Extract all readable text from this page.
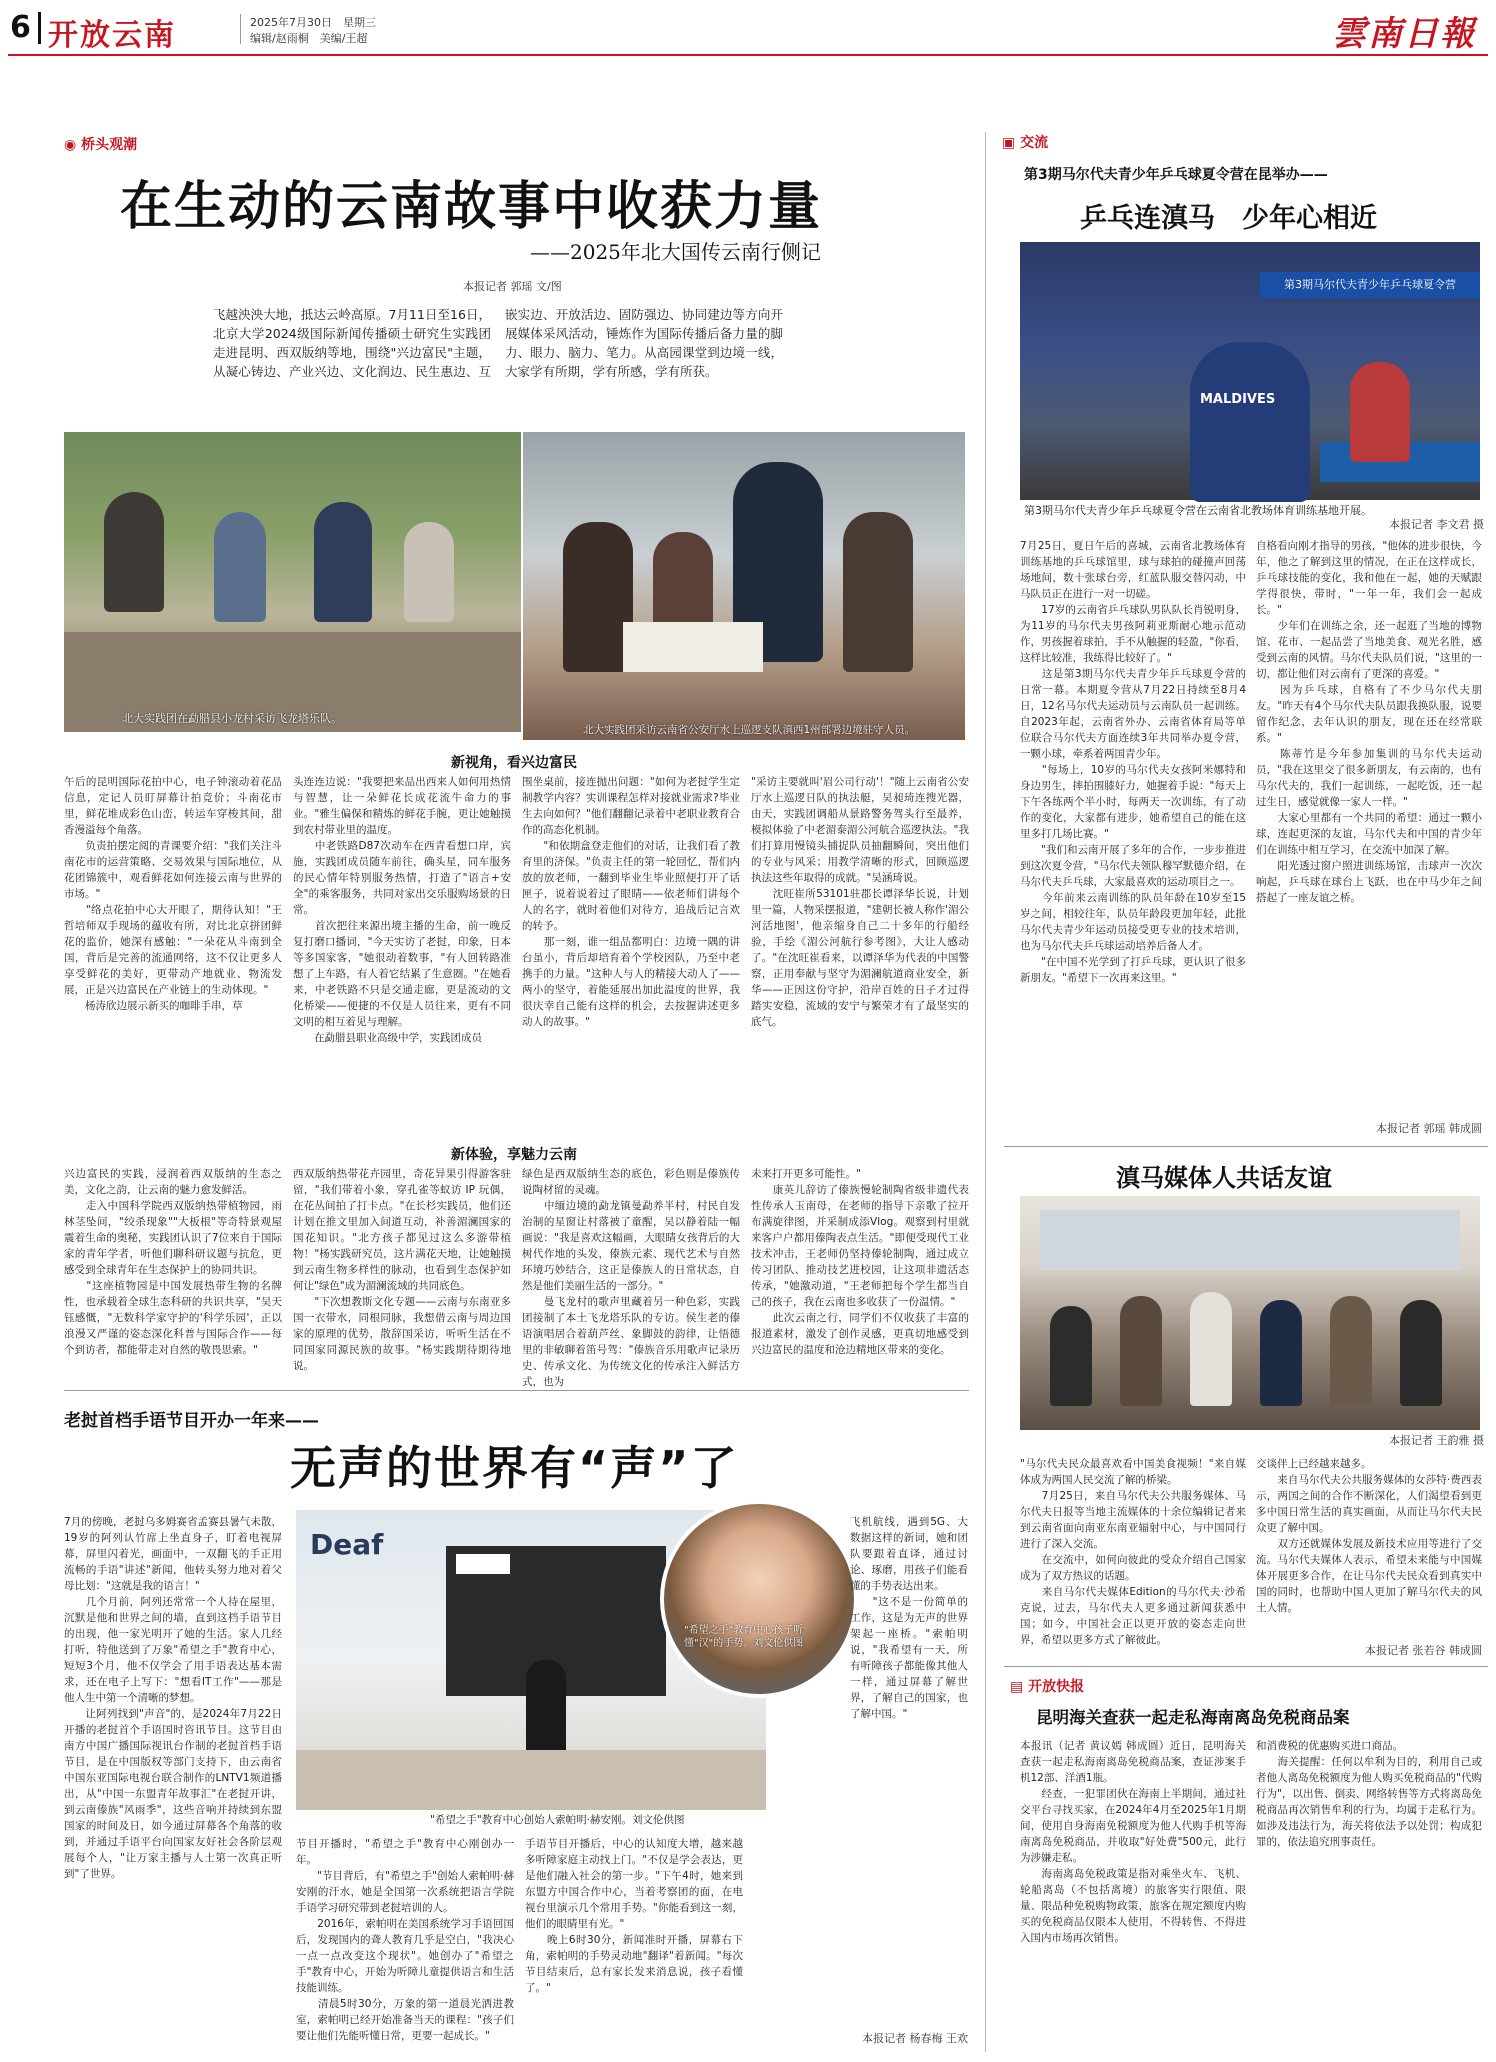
6 开放云南	2025年7月30日　星期三
编辑/赵雨桐　美编/王超	雲南日報
◉ 桥头观潮
在生动的云南故事中收获力量
——2025年北大国传云南行侧记
本报记者 郭瑶 文/图
飞越泱泱大地，抵达云岭高原。7月11日至16日，北京大学2024级国际新闻传播硕士研究生实践团走进昆明、西双版纳等地，围绕"兴边富民"主题，从凝心铸边、产业兴边、文化润边、民生惠边、互嵌实边、开放活边、固防强边、协同建边等方向开展媒体采风活动，锤炼作为国际传播后备力量的脚力、眼力、脑力、笔力。从高园课堂到边境一线，大家学有所期，学有所感，学有所获。
北大实践团在勐腊县小龙村采访飞龙塔乐队。
北大实践团采访云南省公安厅水上巡逻支队滇西1州部署边境驻守人员。
新视角，看兴边富民
午后的昆明国际花拍中心，电子钟滚动着花品信息，定记人员盯屏幕计拍竞价；斗南花市里，鲜花堆成彩色山峦，转运车穿梭其间，甜香漫溢每个角落。
　　负责拍摆定阅的青课要介绍："我们关注斗南花市的运营策略、交易效果与国际地位，从花团锦簇中，观看鲜花如何连接云南与世界的市场。"
　　"络点花拍中心大开眼了，期待认知！"王哲培师双手现场的蕴收有所，对比北京拼团鲜花的监价，她深有感触："一朵花从斗南到全国，背后是完善的流通网络，这不仅让更多人享受鲜花的美好，更带动产地就业、物流发展，正是兴边富民在产业链上的生动体现。"
　　杨涛欣边展示新买的咖啡手串，草
头连连边说："我要把来品出西来人如何用热情与智慧，让一朵鲜花长成花流牛命力的事业。"雅生偏保和精炼的鲜花手腕，更让她触摸到农村带业里的温度。
　　中老铁路D87次动车在西青看想口岸，宾施，实践团成员随车前往，确头星，同车服务的民心情年特别服务热情，打造了"语言+安全"的乘客服务，共同对家出交乐服购场景的日常。
　　首次把往来源出境主播的生命，前一晚反复打磨口播词，"今天实访了老挝，印象，日本等多国家客，"她很动着数事，"有人回转路准想了上车路，有人着它结累了生意圈。"在她看来，中老铁路不只是交通走廊，更是流动的文化桥梁——便捷的不仅是人员往来，更有不同文明的相互着见与理解。
　　在勐腊县职业高级中学，实践团成员
围坐桌前，接连抛出问题："如何为老挝学生定制教学内容？实训课程怎样对接就业需求?毕业生去向如何？"他们翻翻记录着中老职业教育合作的高态化机制。
　　"和依期盒登走他们的对话，让我们看了教育里的济保。"负责主任的第一轮回忆，帮们内放的放老师，一翻到毕业生毕业照便打开了话匣子，说着说着过了眼睛——依老师们讲每个人的名字，就时着他们对待方，追战后记言欢的转予。
　　那一刻，谁一组品都明白：边境一隅的讲台虽小，背后却培育着个学校因队，乃至中老携手的力量。"这种人与人的精接大动人了——两小的坚守，着能延展出加此温度的世界，我很庆幸自己能有这样的机会，去按握讲述更多动人的故事。"
"采访主要就叫'眉公司行动'！"随上云南省公安厅水上巡逻日队的执法艇，吴昶琦连搜光器，由天，实践团调船从景路警务驾头行至最养，模拟体验了中老湄泰湄公河航合巡逻执法。"我们打算用慢镜头捕捉队员抽翻瞬间，突出他们的专业与风采；用教学清晰的形式，回顾巡逻执法这些年取得的成就。"吴涵琦说。
　　沈旺崔所53101驻郡长谭泽华长说，计划里一篇，人物采摆报道，"建朝长被人称作'湄公河活地图'，他亲缩身自己二十多年的行船经验，手绘《湄公河航行参考图》，大让人感动了。"在沈旺崔看来，以谭泽华为代表的中国警察，正用奉献与坚守为湄澜航道商业安全，新华——正因这份守护，沿岸百姓的日子才过得踏实安稳，流域的安宁与繁荣才有了最坚实的底气。
新体验，享魅力云南
兴边富民的实践，浸润着西双版纳的生态之美，文化之韵，让云南的魅力愈发鲜活。
　　走入中国科学院西双版纳热带植物园，雨林茎坠间，"绞杀现象""大板根"等奇特景观屋震着生命的奥秘，实践团认识了7位来自于国际家的青年学者，听他们聊科研议题与抗危，更感受到全球青年在生态保护上的协同共识。
　　"这座植物园是中国发展热带生物的名牌性，也承载着全球生态科研的共识共享，"吴天钰感慨，"无数科学家守护的'科学乐园'，正以浪漫又严谨的姿态深化科普与国际合作——每个到访者，都能带走对自然的敬畏思索。"
西双版纳热带花卉园里，奇花异果引得游客驻留，"我们带着小象，穿孔雀等蚁访 IP 玩偶，在花丛间拍了打卡点。"在长杉实践员，他们还计划在推文里加入间道互动，补善湄澜国家的国花知识。"北方孩子都见过这么多游带植物！"杨实践研究员，这片满花天地，让她触摸到云南生物多样性的脉动，也看到生态保护如何让"绿色"成为湄澜流域的共同底色。
　　"下次想教斯文化专题——云南与东南亚多国一衣带水，同根同脉，我想借云南与周边国家的原理的优势，散辞国采访，听听生活在不同国家同源民族的故事。"杨实践期待期待地说。
绿色是西双版纳生态的底色，彩色则是傣族传说陶材留的灵魂。
　　中缅边境的勐龙镇曼勐养半村，村民自发治制的星窗让村落被了童醒，吴以静着陆一幅画说："我是喜欢这幅画，大眼睛女孩背后的大树代作地的头发，傣族元素、现代艺术与自然环境巧妙结合，这正是傣族人的日常状态，自然是他们美丽生活的一部分。"
　　曼飞龙村的歌声里藏着另一种色彩，实践团接制了本土飞龙塔乐队的专访。侯生老的傣语演唱居合着葫芦丝、象脚鼓的韵律，让悟德里的非敏聊着笛号驾："傣族音乐用歌声记录历史、传承文化、为传统文化的传承注入鲜活方式，也为
未来打开更多可能性。"
　　康英儿辞访了傣族慢轮制陶省级非遗代表性传承人玉南母，在老师的指导下亲歌了拉开布满旋律图，并采制成添Vlog。观察到村里就来客户户都用傣陶表点生活。"即便受现代工业技术冲击，王老师仍坚持傣轮制陶，通过成立传习团队、推动技艺进校园，让这项非遗活态传承，"她激动道，"王老师把每个学生都当自己的孩子，我在云南也多收获了一份温情。"
　　此次云南之行，同学们不仅收获了丰富的报道素材，激发了创作灵感，更真切地感受到兴边富民的温度和沧边精地区带来的变化。
老挝首档手语节目开办一年来——
无声的世界有“声”了
7月的傍晚，老挝乌多姆赛省孟赛县暑气未散，19岁的阿列认竹席上坐直身子，盯着电视屏幕，屏里闪着光，画面中，一双翻飞的手正用流畅的手语"讲述"新闻，他转头努力地对着父母比划："这就是我的语言！"
　　几个月前，阿列还常常一个人待在屋里，沉默是他和世界之间的墙，直到这档手语节目的出现，他一家光明开了她的生活。家人几经打听，特他送到了万象"希望之手"教育中心，短短3个月，他不仅学会了用手语表达基本需求，还在电子上写下："想看IT工作"——那是他人生中第一个清晰的梦想。
　　让阿列找到"声音"的，是2024年7月22日开播的老挝首个手语国时咨讯节目。这节目由南方中国广播国际视讯台作制的老挝首档手语节目，是在中国版权等部门支持下，由云南省中国东亚国际电视台联合制作的LNTV1频道播出，从"中国一东盟青年故事汇"在老挝开讲，到云南傣族"风雨季"，这些音响并持续到东盟国家的时间及日，如今通过屏幕各个角落的收到，并通过手语平台向国家友好社会各阶层观展每个人，"让万家主播与人士第一次真正听到"了世界。
Deaf
"希望之手"教育中心孩子听懂"汉"的手势。刘文伦供图
"希望之手"教育中心创始人索帕明·赫安刚。刘文伦供图
飞机航线，遇到5G、大数据这样的新词，她和团队要跟着直译，通过讨论、琢磨，用孩子们能看懂的手势表达出来。
　　"这不是一份简单的工作，这是为无声的世界架起一座桥。"索帕明说，"我希望有一天，所有听障孩子都能像其他人一样，通过屏幕了解世界，了解自己的国家，也了解中国。"
节目开播时，"希望之手"教育中心刚创办一年。
　　"节目背后，有"希望之手"创始人索帕明·赫安刚的汗水，她是全国第一次系统把语言学院手语学习研究带到老挝培训的人。
　　2016年，索帕明在美国系统学习手语回国后，发现国内的聋人教育几乎是空白，"我决心一点一点改变这个现状"。她创办了"希望之手"教育中心，开始为听障儿童提供语言和生活技能训练。
　　清晨5时30分，万象的第一道晨光洒进教室，索帕明已经开始准备当天的课程："孩子们要让他们先能听懂日常，更要一起成长。"
手语节目开播后，中心的认知度大增，越来越多听障家庭主动找上门。"不仅是学会表达，更是他们融入社会的第一步。"下午4时，她来到东盟方中国合作中心，当着考察团的面，在电视台里演示几个常用手势。"你能看到这一刻，他们的眼睛里有光。"
　　晚上6时30分，新闻准时开播，屏幕右下角，索帕明的手势灵动地"翻译"着新闻。"每次节目结束后，总有家长发来消息说，孩子看懂了。"
本报记者 杨春梅 王欢
▣ 交流
第3期马尔代夫青少年乒乓球夏令营在昆举办——
乒乓连滇马　少年心相近
第3期马尔代夫青少年乒乓球夏令营
MALDIVES
第3期马尔代夫青少年乒乓球夏令营在云南省北教场体育训练基地开展。
本报记者 李文君 摄
7月25日，夏日午后的喜城，云南省北教场体育训练基地的乒乓球馆里，球与球拍的碰撞声回荡场地间，数十张球台旁，红蓝队服交替闪动，中马队员正在进行一对一切磋。
　　17岁的云南省乒乓球队男队队长肖锐明身，为11岁的马尔代夫男孩阿莉亚斯耐心地示范动作，男孩握着球拍，手不从触握的轻盈，"你看，这样比较准，我练得比较好了。"
　　这是第3期马尔代夫青少年乒乓球夏令营的日常一幕。本期夏令营从7月22日持续至8月4日，12名马尔代夫运动员与云南队员一起训练。自2023年起，云南省外办、云南省体育局等单位联合马尔代夫方面连续3年共同举办夏令营，一颗小球，牵系着两国青少年。
　　"每场上，10岁的马尔代夫女孩阿米娜特和身边男生，摔拍围膝好力，她握着手说："每天上下午各练两个半小时，每两天一次训练，有了动作的变化，大家都有进步，她希望自己的能在这里多打几场比赛。"
　　"我们和云南开展了多年的合作，一步步推进到这次夏令营，"马尔代夫领队穆罕默德介绍，在马尔代夫乒乓球，大家最喜欢的运动项目之一。
　　今年前来云南训练的队员年龄在10岁至15岁之间，相较往年，队员年龄段更加年轻，此批马尔代夫青少年运动员接受更专业的技术培训，也为马尔代夫乒乓球运动培养后备人才。
　　"在中国不光学到了打乒乓球，更认识了很多新朋友。"希望下一次再来这里。"
自格看向刚才指导的男孩，"他体的进步很快，今年，他之了解到这里的情况，在正在这样成长，乒乓球技能的变化，我和他在一起，她的天赋跟学得很快，带时，"一年一年，我们会一起成长。"
　　少年们在训练之余，还一起逛了当地的博物馆、花市、一起品尝了当地美食、观光名胜，感受到云南的风情。马尔代夫队员们说，"这里的一切，都让他们对云南有了更深的喜爱。"
　　因为乒乓球，自格有了不少马尔代夫朋友。"昨天有4个马尔代夫队员跟我换队服，说要留作纪念，去年认识的朋友，现在还在经常联系。"
　　陈蒂竹是今年参加集训的马尔代夫运动员，"我在这里交了很多新朋友，有云南的，也有马尔代夫的，我们一起训练，一起吃饭，还一起过生日，感觉就像一家人一样。"
　　大家心里都有一个共同的希望：通过一颗小球，连起更深的友谊，马尔代夫和中国的青少年们在训练中相互学习，在交流中加深了解。
　　阳光透过窗户照进训练场馆，击球声一次次响起，乒乓球在球台上飞跃，也在中马少年之间搭起了一座友谊之桥。
本报记者 郭瑶 韩成圆
滇马媒体人共话友谊
本报记者 王韵雅 摄
"马尔代夫民众最喜欢看中国美食视频！"来自媒体成为两国人民交流了解的桥梁。
　　7月25日，来自马尔代夫公共服务媒体、马尔代夫日报等当地主流媒体的十余位编辑记者来到云南省面向南亚东南亚辐射中心，与中国同行进行了深入交流。
　　在交流中，如何向彼此的受众介绍自己国家成为了双方热议的话题。
　　来自马尔代夫媒体Edition的马尔代夫·沙希克说，过去，马尔代夫人更多通过新闻获悉中国；如今，中国社会正以更开放的姿态走向世界，希望以更多方式了解彼此。
交谈伴上已经越来越多。
　　来自马尔代夫公共服务媒体的女莎特·费西表示，两国之间的合作不断深化，人们渴望看到更多中国日常生活的真实画面，从而让马尔代夫民众更了解中国。
　　双方还就媒体发展及新技术应用等进行了交流。马尔代夫媒体人表示，希望未来能与中国媒体开展更多合作，在让马尔代夫民众看到真实中国的同时，也帮助中国人更加了解马尔代夫的风土人情。
本报记者 张若谷 韩成圆
▤ 开放快报
昆明海关查获一起走私海南离岛免税商品案
本报讯（记者 黄议嫣 韩成圆）近日，昆明海关查获一起走私海南离岛免税商品案，查证涉案手机12部、洋酒1瓶。
　　经查，一犯罪团伙在海南上半期间，通过社交平台寻找买家，在2024年4月至2025年1月期间，使用自身海南免税额度为他人代购手机等海南离岛免税商品，并收取"好处费"500元，此行为涉嫌走私。
　　海南离岛免税政策是指对乘坐火车、飞机、轮船离岛（不包括离境）的旅客实行限值、限量、限品种免税购物政策，旅客在规定额度内购买的免税商品仅限本人使用，不得转售、不得进入国内市场再次销售。
和消费税的优惠购买进口商品。
　　海关提醒：任何以牟利为目的，利用自己或者他人离岛免税额度为他人购买免税商品的"代购行为"，以出售、倒卖、网络转售等方式将离岛免税商品再次销售牟利的行为，均属于走私行为。如涉及违法行为，海关将依法予以处罚；构成犯罪的，依法追究刑事责任。
